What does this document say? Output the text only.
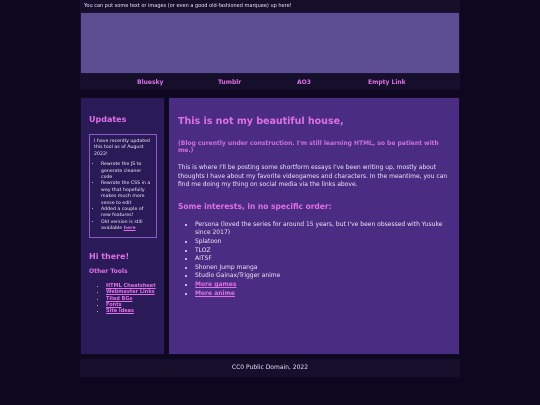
You can put some text or images (or even a good old-fashioned marquee) up here!
Bluesky	Tumblr	AO3	Empty Link
Updates
I have recently updated this tool as of August 2022!
• Rewrote the JS to generate cleaner code
• Rewrote the CSS in a way that hopefully makes much more sense to edit
• Added a couple of new features!
• Old version is still available here
Hi there!
Other Tools
• HTML Cheatsheet
• Webmaster Links
• Tiled BGs
• Fonts
• Site Ideas
This is not my beautiful house,
(Blog curently under construction. I'm still learning HTML, so be patient with me.)

This is where I'll be posting some shortform essays I've been writing up, mostly about thoughts I have about my favorite videogames and characters. In the meantime, you can find me doing my thing on social media via the links above.

Some interests, in no specific order:
• Persona (loved the series for around 15 years, but I've been obsessed with Yusuke since 2017)
• Splatoon
• TLOZ
• AITSF
• Shonen Jump manga
• Studio Gainax/Trigger anime
• More games
• More anime
CC0 Public Domain, 2022
